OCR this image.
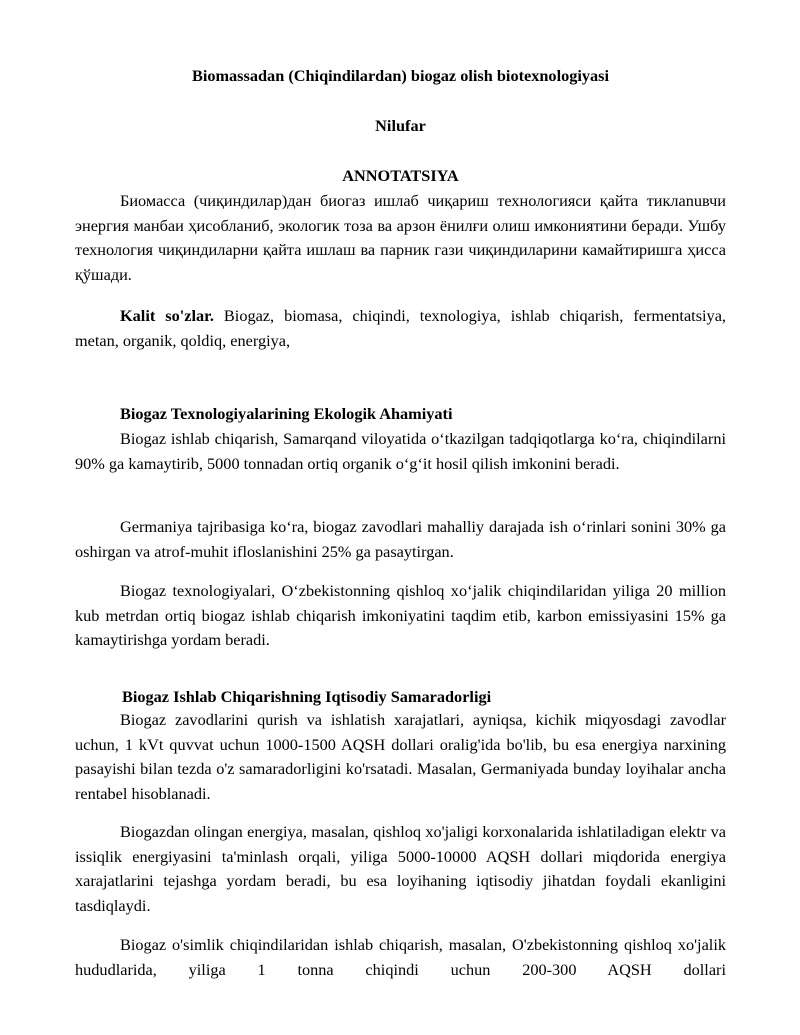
Biomassadan (Chiqindilardan) biogaz olish biotexnologiyasi

Nilufar

ANNOTATSIYA

Биомасса (чиқиндилар)дан биогаз ишлаб чиқариш технологияси қайта тиклanuвчи энергия манбаи ҳисобланиб, экологик тоза ва арзон ёнилғи олиш имкониятини беради. Ушбу технология чиқиндиларни қайта ишлаш ва парник гази чиқиндиларини камайтиришга ҳисса қўшади.

Kalit so'zlar. Biogaz, biomasa, chiqindi, texnologiya, ishlab chiqarish, fermentatsiya, metan, organik, qoldiq, energiya,

Biogaz Texnologiyalarining Ekologik Ahamiyati

Biogaz ishlab chiqarish, Samarqand viloyatida oʻtkazilgan tadqiqotlarga koʻra, chiqindilarni 90% ga kamaytirib, 5000 tonnadan ortiq organik oʻgʻit hosil qilish imkonini beradi.

Germaniya tajribasiga koʻra, biogaz zavodlari mahalliy darajada ish oʻrinlari sonini 30% ga oshirgan va atrof-muhit ifloslanishini 25% ga pasaytirgan.

Biogaz texnologiyalari, Oʻzbekistonning qishloq xoʻjalik chiqindilaridan yiliga 20 million kub metrdan ortiq biogaz ishlab chiqarish imkoniyatini taqdim etib, karbon emissiyasini 15% ga kamaytirishga yordam beradi.

Biogaz Ishlab Chiqarishning Iqtisodiy Samaradorligi

Biogaz zavodlarini qurish va ishlatish xarajatlari, ayniqsa, kichik miqyosdagi zavodlar uchun, 1 kVt quvvat uchun 1000-1500 AQSH dollari oralig'ida bo'lib, bu esa energiya narxining pasayishi bilan tezda o'z samaradorligini ko'rsatadi. Masalan, Germaniyada bunday loyihalar ancha rentabel hisoblanadi.

Biogazdan olingan energiya, masalan, qishloq xo'jaligi korxonalarida ishlatiladigan elektr va issiqlik energiyasini ta'minlash orqali, yiliga 5000-10000 AQSH dollari miqdorida energiya xarajatlarini tejashga yordam beradi, bu esa loyihaning iqtisodiy jihatdan foydali ekanligini tasdiqlaydi.

Biogaz o'simlik chiqindilaridan ishlab chiqarish, masalan, O'zbekistonning qishloq xo'jalik hududlarida, yiliga 1 tonna chiqindi uchun 200-300 AQSH dollari
